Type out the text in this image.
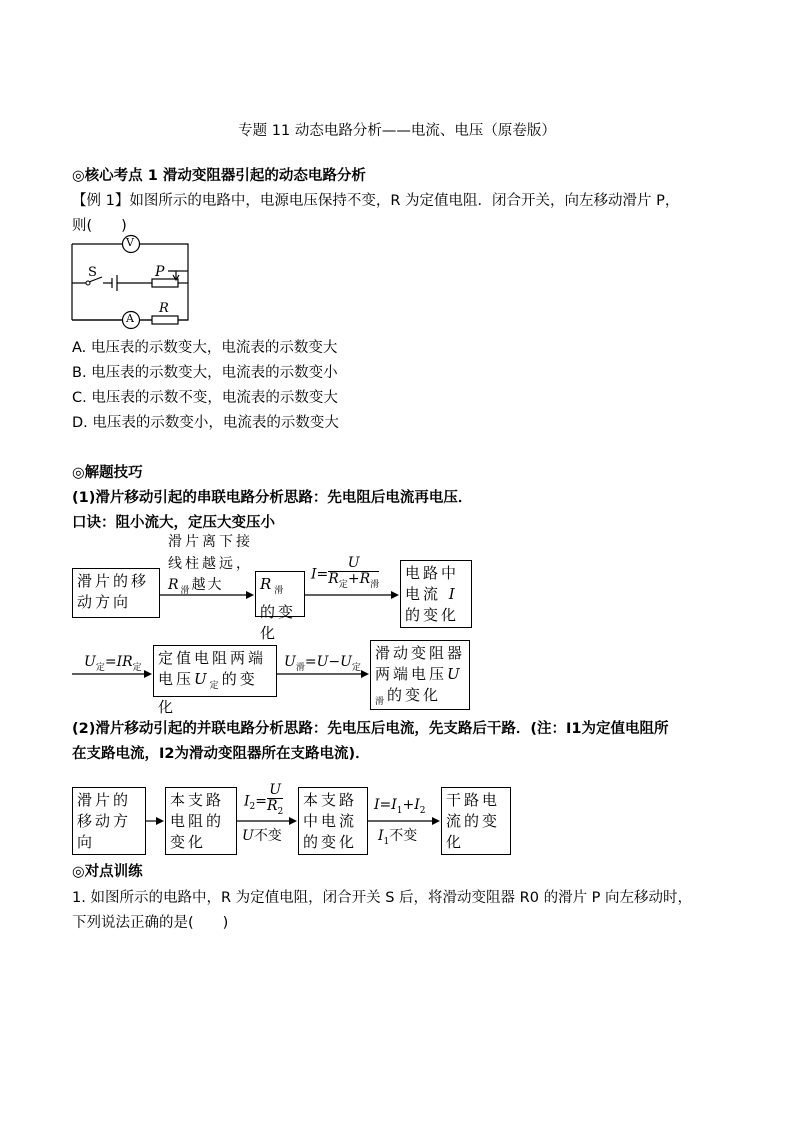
专题 11 动态电路分析——电流、电压（原卷版）
◎核心考点 1 滑动变阻器引起的动态电路分析
【例 1】如图所示的电路中，电源电压保持不变，R 为定值电阻．闭合开关，向左移动滑片 P，
则(　　)
V
A
S	P
R
A. 电压表的示数变大，电流表的示数变大
B. 电压表的示数变大，电流表的示数变小
C. 电压表的示数不变，电流表的示数变大
D. 电压表的示数变小，电流表的示数变大
◎解题技巧
(1)滑片移动引起的串联电路分析思路：先电阻后电流再电压．
口诀：阻小流大，定压大变压小
滑片离下接
线柱越远，
$R_滑$越大
滑片的移动方向
$R_滑$的变化
$I= \frac{U}{R_定+R_滑}$	电路中电流 I
的变化
$U_定=IR_定$
定值电阻两端电压$U_定$的变化
$U_滑=U-U_定$
滑动变阻器两端电压$U_滑$的变化
(2)滑片移动引起的并联电路分析思路：先电压后电流，先支路后干路．(注：I1为定值电阻所
在支路电流，I2为滑动变阻器所在支路电流)．
滑片的移动方向
本支路电阻的变化
$I_2= \frac{U}{R_2}$
U不变
本支路中电流的变化
$I=I_1+I_2$
$I_1$不变
干路电流的变化
◎对点训练
1. 如图所示的电路中，R 为定值电阻，闭合开关 S 后，将滑动变阻器 R0 的滑片 P 向左移动时，
下列说法正确的是(　　)
